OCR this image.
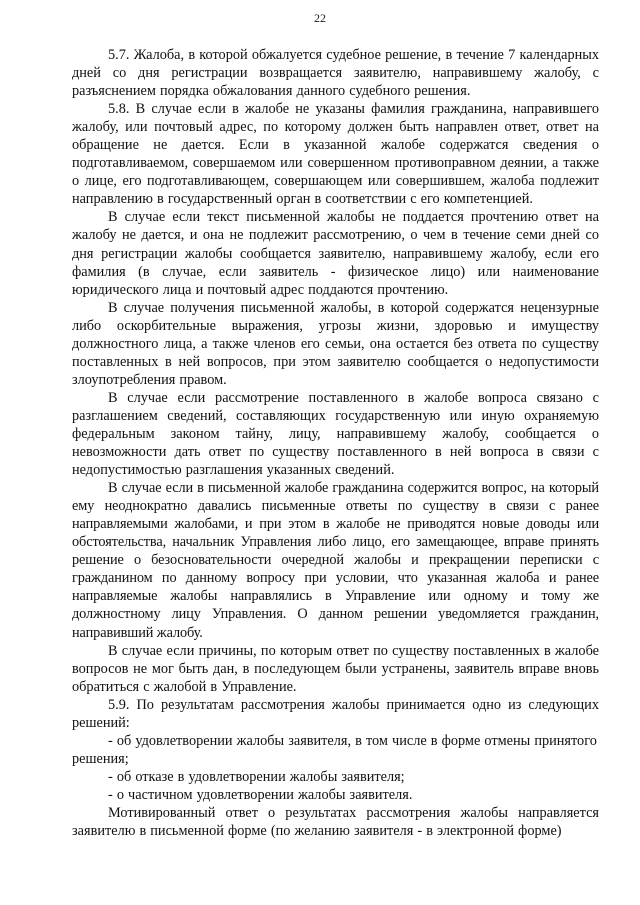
22

5.7. Жалоба, в которой обжалуется судебное решение, в течение 7 календарных дней со дня регистрации возвращается заявителю, направившему жалобу, с разъяснением порядка обжалования данного судебного решения.

5.8. В случае если в жалобе не указаны фамилия гражданина, направившего жалобу, или почтовый адрес, по которому должен быть направлен ответ, ответ на обращение не дается. Если в указанной жалобе содержатся сведения о подготавливаемом, совершаемом или совершенном противоправном деянии, а также о лице, его подготавливающем, совершающем или совершившем, жалоба подлежит направлению в государственный орган в соответствии с его компетенцией.

В случае если текст письменной жалобы не поддается прочтению ответ на жалобу не дается, и она не подлежит рассмотрению, о чем в течение семи дней со дня регистрации жалобы сообщается заявителю, направившему жалобу, если его фамилия (в случае, если заявитель - физическое лицо) или наименование юридического лица и почтовый адрес поддаются прочтению.

В случае получения письменной жалобы, в которой содержатся нецензурные либо оскорбительные выражения, угрозы жизни, здоровью и имуществу должностного лица, а также членов его семьи, она остается без ответа по существу поставленных в ней вопросов, при этом заявителю сообщается о недопустимости злоупотребления правом.

В случае если рассмотрение поставленного в жалобе вопроса связано с разглашением сведений, составляющих государственную или иную охраняемую федеральным законом тайну, лицу, направившему жалобу, сообщается о невозможности дать ответ по существу поставленного в ней вопроса в связи с недопустимостью разглашения указанных сведений.

В случае если в письменной жалобе гражданина содержится вопрос, на который ему неоднократно давались письменные ответы по существу в связи с ранее направляемыми жалобами, и при этом в жалобе не приводятся новые доводы или обстоятельства, начальник Управления либо лицо, его замещающее, вправе принять решение о безосновательности очередной жалобы и прекращении переписки с гражданином по данному вопросу при условии, что указанная жалоба и ранее направляемые жалобы направлялись в Управление или одному и тому же должностному лицу Управления. О данном решении уведомляется гражданин, направивший жалобу.

В случае если причины, по которым ответ по существу поставленных в жалобе вопросов не мог быть дан, в последующем были устранены, заявитель вправе вновь обратиться с жалобой в Управление.

5.9. По результатам рассмотрения жалобы принимается одно из следующих решений:

- об удовлетворении жалобы заявителя, в том числе в форме отмены принятого решения;

- об отказе в удовлетворении жалобы заявителя;

- о частичном удовлетворении жалобы заявителя.

Мотивированный ответ о результатах рассмотрения жалобы направляется заявителю в письменной форме (по желанию заявителя - в электронной форме)
